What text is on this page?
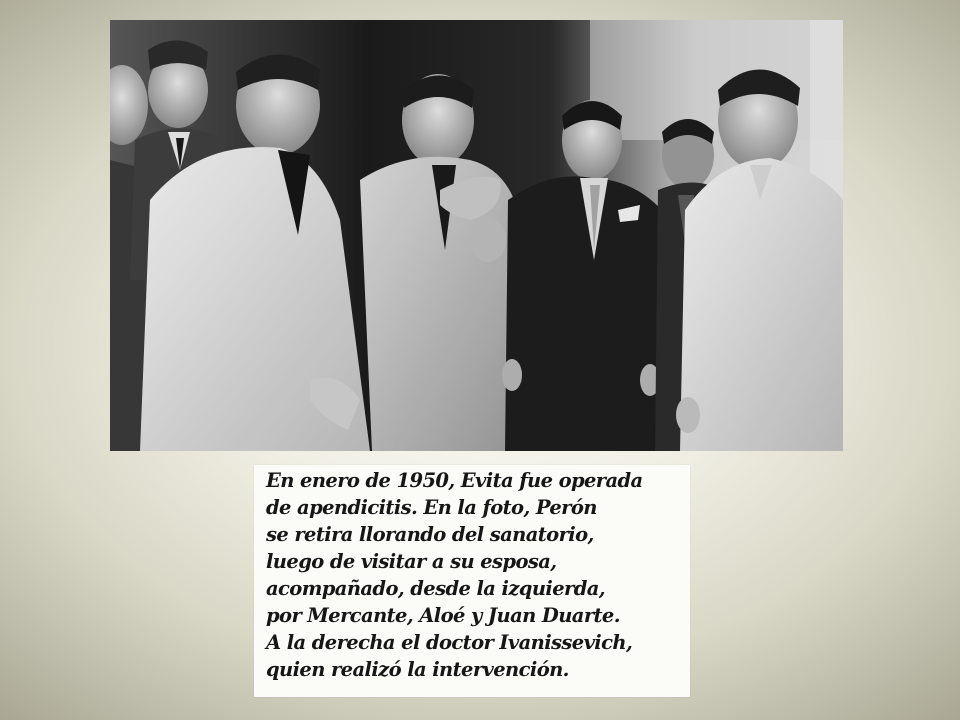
En enero de 1950, Evita fue operada
de apendicitis. En la foto, Perón
se retira llorando del sanatorio,
luego de visitar a su esposa,
acompañado, desde la izquierda,
por Mercante, Aloé y Juan Duarte.
A la derecha el doctor Ivanissevich,
quien realizó la intervención.
